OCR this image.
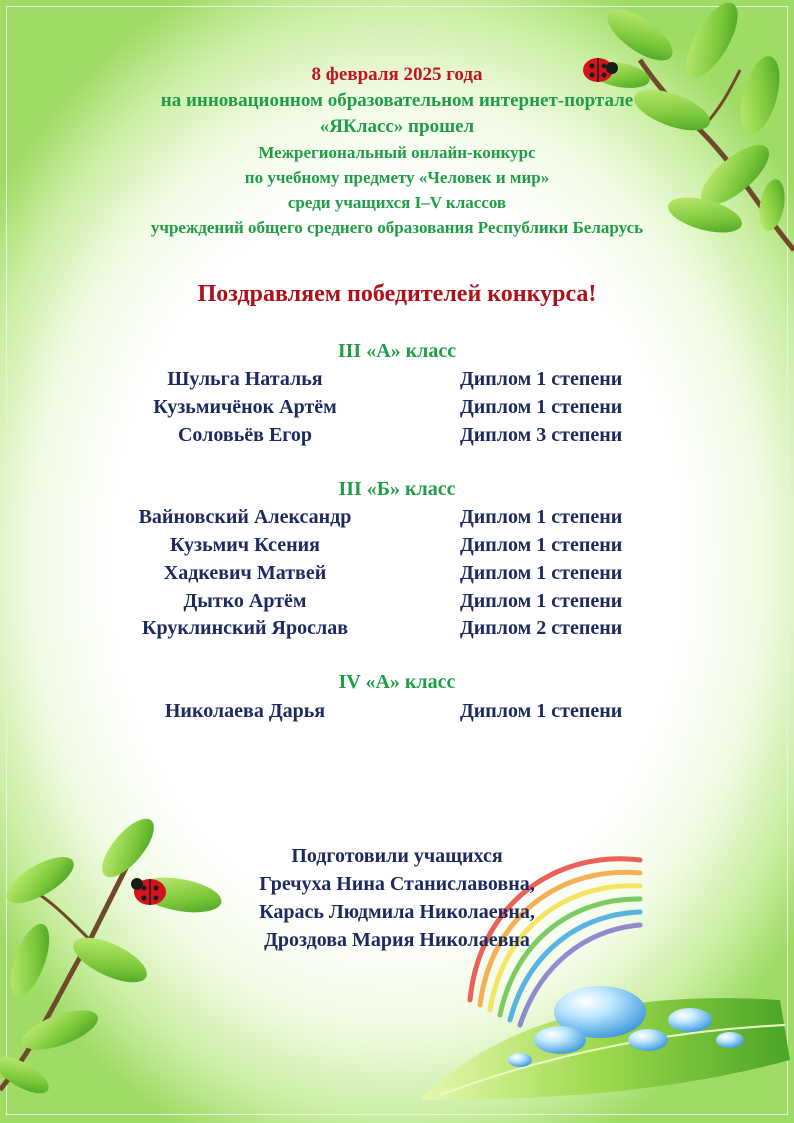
8 февраля 2025 года
на инновационном образовательном интернет-портале
«ЯКласс» прошел
Межрегиональный онлайн-конкурс
по учебному предмету «Человек и мир»
среди учащихся I–V классов
учреждений общего среднего образования Республики Беларусь
Поздравляем победителей конкурса!
III «А» класс
Шульга Наталья	Диплом 1 степени
Кузьмичёнок Артём	Диплом 1 степени
Соловьёв Егор	Диплом 3 степени
III «Б» класс
Вайновский Александр	Диплом 1 степени
Кузьмич Ксения	Диплом 1 степени
Хадкевич Матвей	Диплом 1 степени
Дытко Артём	Диплом 1 степени
Круклинский Ярослав	Диплом 2 степени
IV «А» класс
Николаева Дарья	Диплом 1 степени
Подготовили учащихся
Гречуха Нина Станиславовна,
Карась Людмила Николаевна,
Дроздова Мария Николаевна
